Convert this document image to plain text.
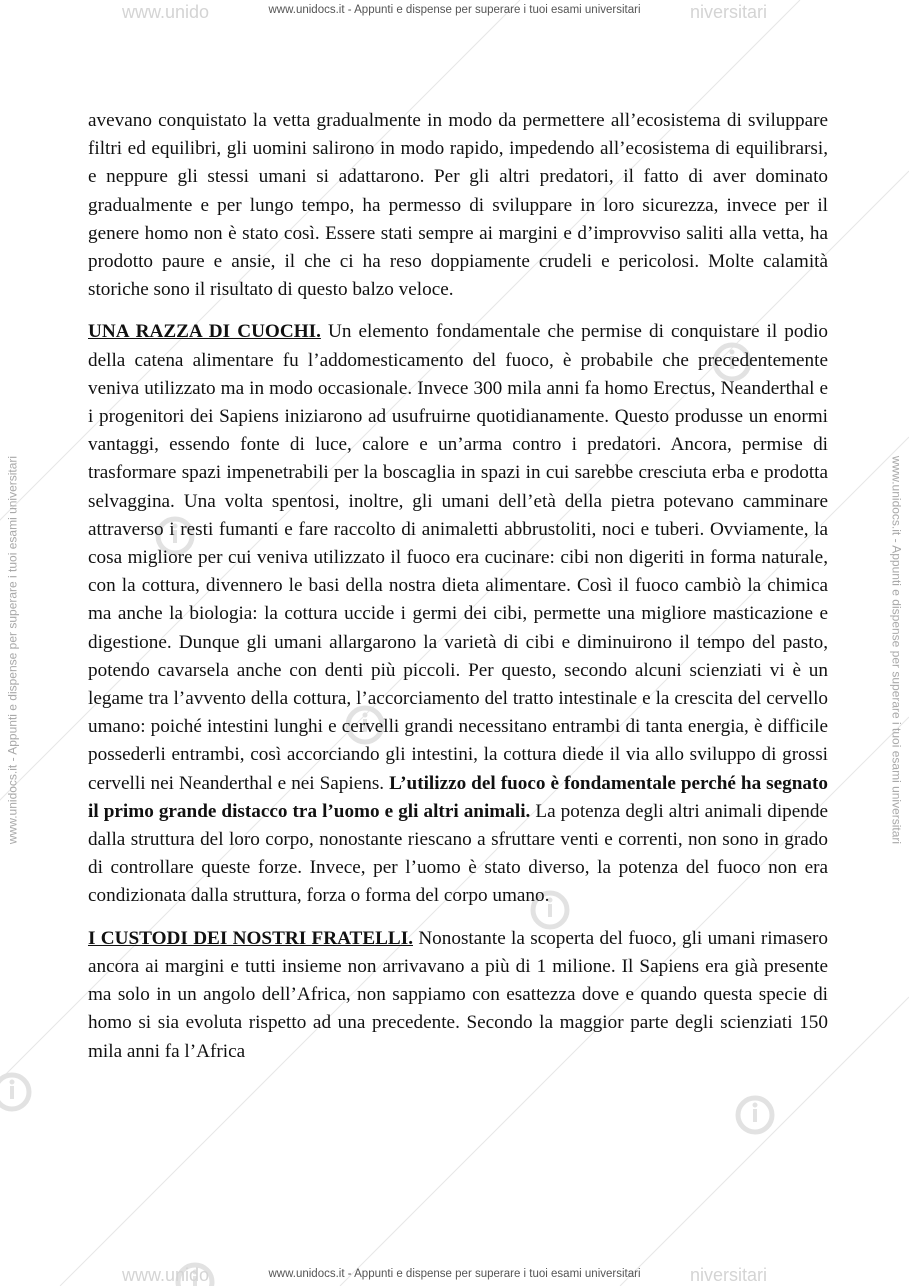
www.unido	niversitari
www.unidocs.it - Appunti e dispense per superare i tuoi esami universitari
www.unido	niversitari
www.unidocs.it - Appunti e dispense per superare i tuoi esami universitari
www.unidocs.it - Appunti e dispense per superare i tuoi esami universitari	www.unidocs.it - Appunti e dispense per superare i tuoi esami universitari

avevano conquistato la vetta gradualmente in modo da permettere all’ecosistema di sviluppare filtri ed equilibri, gli uomini salirono in modo rapido, impedendo all’ecosistema di equilibrarsi, e neppure gli stessi umani si adattarono. Per gli altri predatori, il fatto di aver dominato gradualmente e per lungo tempo, ha permesso di sviluppare in loro sicurezza, invece per il genere homo non è stato così. Essere stati sempre ai margini e d’improvviso saliti alla vetta, ha prodotto paure e ansie, il che ci ha reso doppiamente crudeli e pericolosi. Molte calamità storiche sono il risultato di questo balzo veloce.

UNA RAZZA DI CUOCHI. Un elemento fondamentale che permise di conquistare il podio della catena alimentare fu l’addomesticamento del fuoco, è probabile che precedentemente veniva utilizzato ma in modo occasionale. Invece 300 mila anni fa homo Erectus, Neanderthal e i progenitori dei Sapiens iniziarono ad usufruirne quotidianamente. Questo produsse un enormi vantaggi, essendo fonte di luce, calore e un’arma contro i predatori. Ancora, permise di trasformare spazi impenetrabili per la boscaglia in spazi in cui sarebbe cresciuta erba e prodotta selvaggina. Una volta spentosi, inoltre, gli umani dell’età della pietra potevano camminare attraverso i resti fumanti e fare raccolto di animaletti abbrustoliti, noci e tuberi. Ovviamente, la cosa migliore per cui veniva utilizzato il fuoco era cucinare: cibi non digeriti in forma naturale, con la cottura, divennero le basi della nostra dieta alimentare. Così il fuoco cambiò la chimica ma anche la biologia: la cottura uccide i germi dei cibi, permette una migliore masticazione e digestione. Dunque gli umani allargarono la varietà di cibi e diminuirono il tempo del pasto, potendo cavarsela anche con denti più piccoli. Per questo, secondo alcuni scienziati vi è un legame tra l’avvento della cottura, l’accorciamento del tratto intestinale e la crescita del cervello umano: poiché intestini lunghi e cervelli grandi necessitano entrambi di tanta energia, è difficile possederli entrambi, così accorciando gli intestini, la cottura diede il via allo sviluppo di grossi cervelli nei Neanderthal e nei Sapiens. L’utilizzo del fuoco è fondamentale perché ha segnato il primo grande distacco tra l’uomo e gli altri animali. La potenza degli altri animali dipende dalla struttura del loro corpo, nonostante riescano a sfruttare venti e correnti, non sono in grado di controllare queste forze. Invece, per l’uomo è stato diverso, la potenza del fuoco non era condizionata dalla struttura, forza o forma del corpo umano.

I CUSTODI DEI NOSTRI FRATELLI. Nonostante la scoperta del fuoco, gli umani rimasero ancora ai margini e tutti insieme non arrivavano a più di 1 milione. Il Sapiens era già presente ma solo in un angolo dell’Africa, non sappiamo con esattezza dove e quando questa specie di homo si sia evoluta rispetto ad una precedente. Secondo la maggior parte degli scienziati 150 mila anni fa l’Africa
